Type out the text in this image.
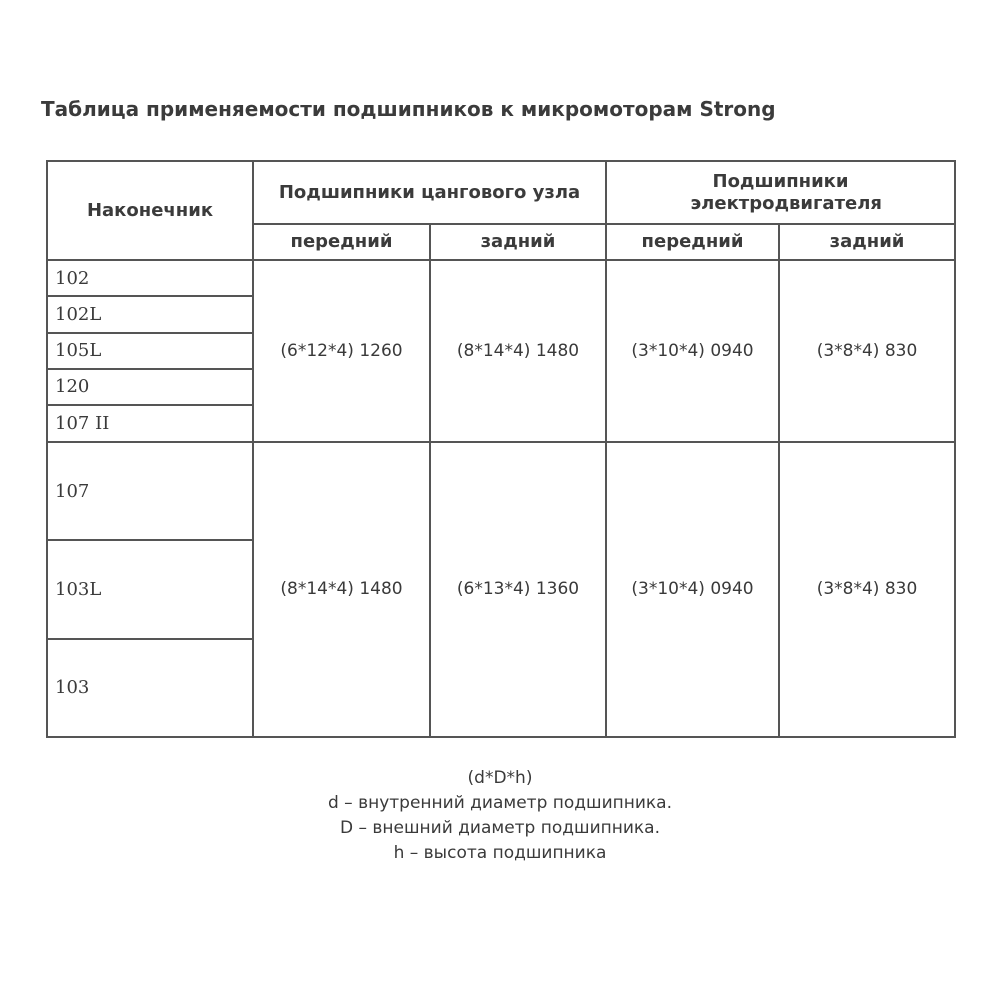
Таблица применяемости подшипников к микромоторам Strong
Наконечник	Подшипники цангового узла		Подшипники электродвигателя	

	передний	задний	передний	задний
102	(6*12*4) 1260	(8*14*4) 1480	(3*10*4) 0940	(3*8*4) 830
102L				
105L				
120				
107 II				
107	(8*14*4) 1480	(6*13*4) 1360	(3*10*4) 0940	(3*8*4) 830
103L				
103				
(d*D*h)
d – внутренний диаметр подшипника.
D – внешний диаметр подшипника.
h – высота подшипника
